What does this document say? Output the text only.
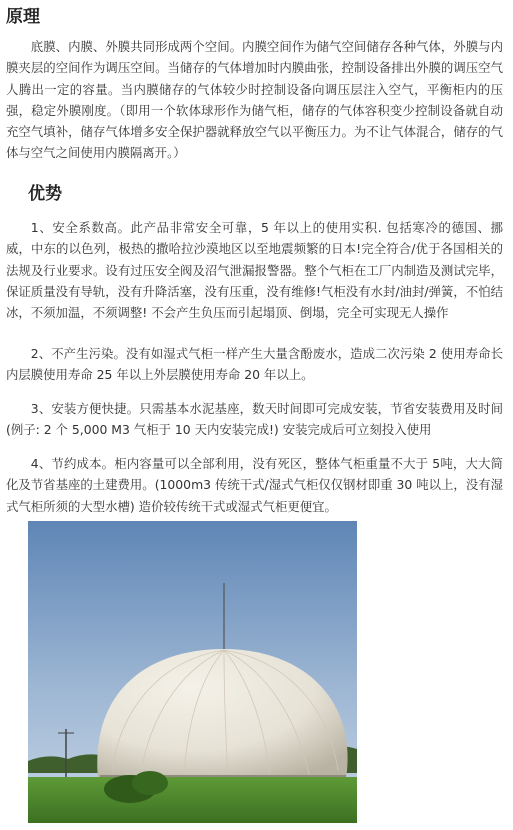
原理

底膜、内膜、外膜共同形成两个空间。内膜空间作为储气空间储存各种气体，外膜与内膜夹层的空间作为调压空间。当储存的气体增加时内膜曲张，控制设备排出外膜的调压空气人腾出一定的容量。当内膜储存的气体较少时控制设备向调压层注入空气，平衡柜内的压强，稳定外膜刚度。（即用一个软体球形作为储气柜，储存的气体容积变少控制设备就自动充空气填补，储存气体增多安全保护器就释放空气以平衡压力。为不让气体混合，储存的气体与空气之间使用内膜隔离开。）

优势

1、安全系数高。此产品非常安全可靠，5 年以上的使用实积. 包括寒冷的德国、挪威，中东的以色列，极热的撒哈拉沙漠地区以至地震频繁的日本!完全符合/优于各国相关的法规及行业要求。设有过压安全阀及沼气泄漏报警器。整个气柜在工厂内制造及测试完毕，保证质量没有导轨，没有升降活塞，没有压重，没有维修!气柜没有水封/油封/弹簧，不怕结冰，不须加温，不须调整! 不会产生负压而引起塌顶、倒塌，完全可实现无人操作

2、不产生污染。没有如湿式气柜一样产生大量含酚废水，造成二次污染 2 使用寿命长 内层膜使用寿命 25 年以上外层膜使用寿命 20 年以上。

3、安装方便快捷。只需基本水泥基座，数天时间即可完成安装，节省安装费用及时间(例子: 2 个 5,000 M3 气柜于 10 天内安装完成!) 安装完成后可立刻投入使用

4、节约成本。柜内容量可以全部利用，没有死区，整体气柜重量不大于 5吨，大大简化及节省基座的土建费用。(1000m3 传统干式/湿式气柜仅仅钢材即重 30 吨以上，没有湿式气柜所须的大型水槽) 造价较传统干式或湿式气柜更便宜。
